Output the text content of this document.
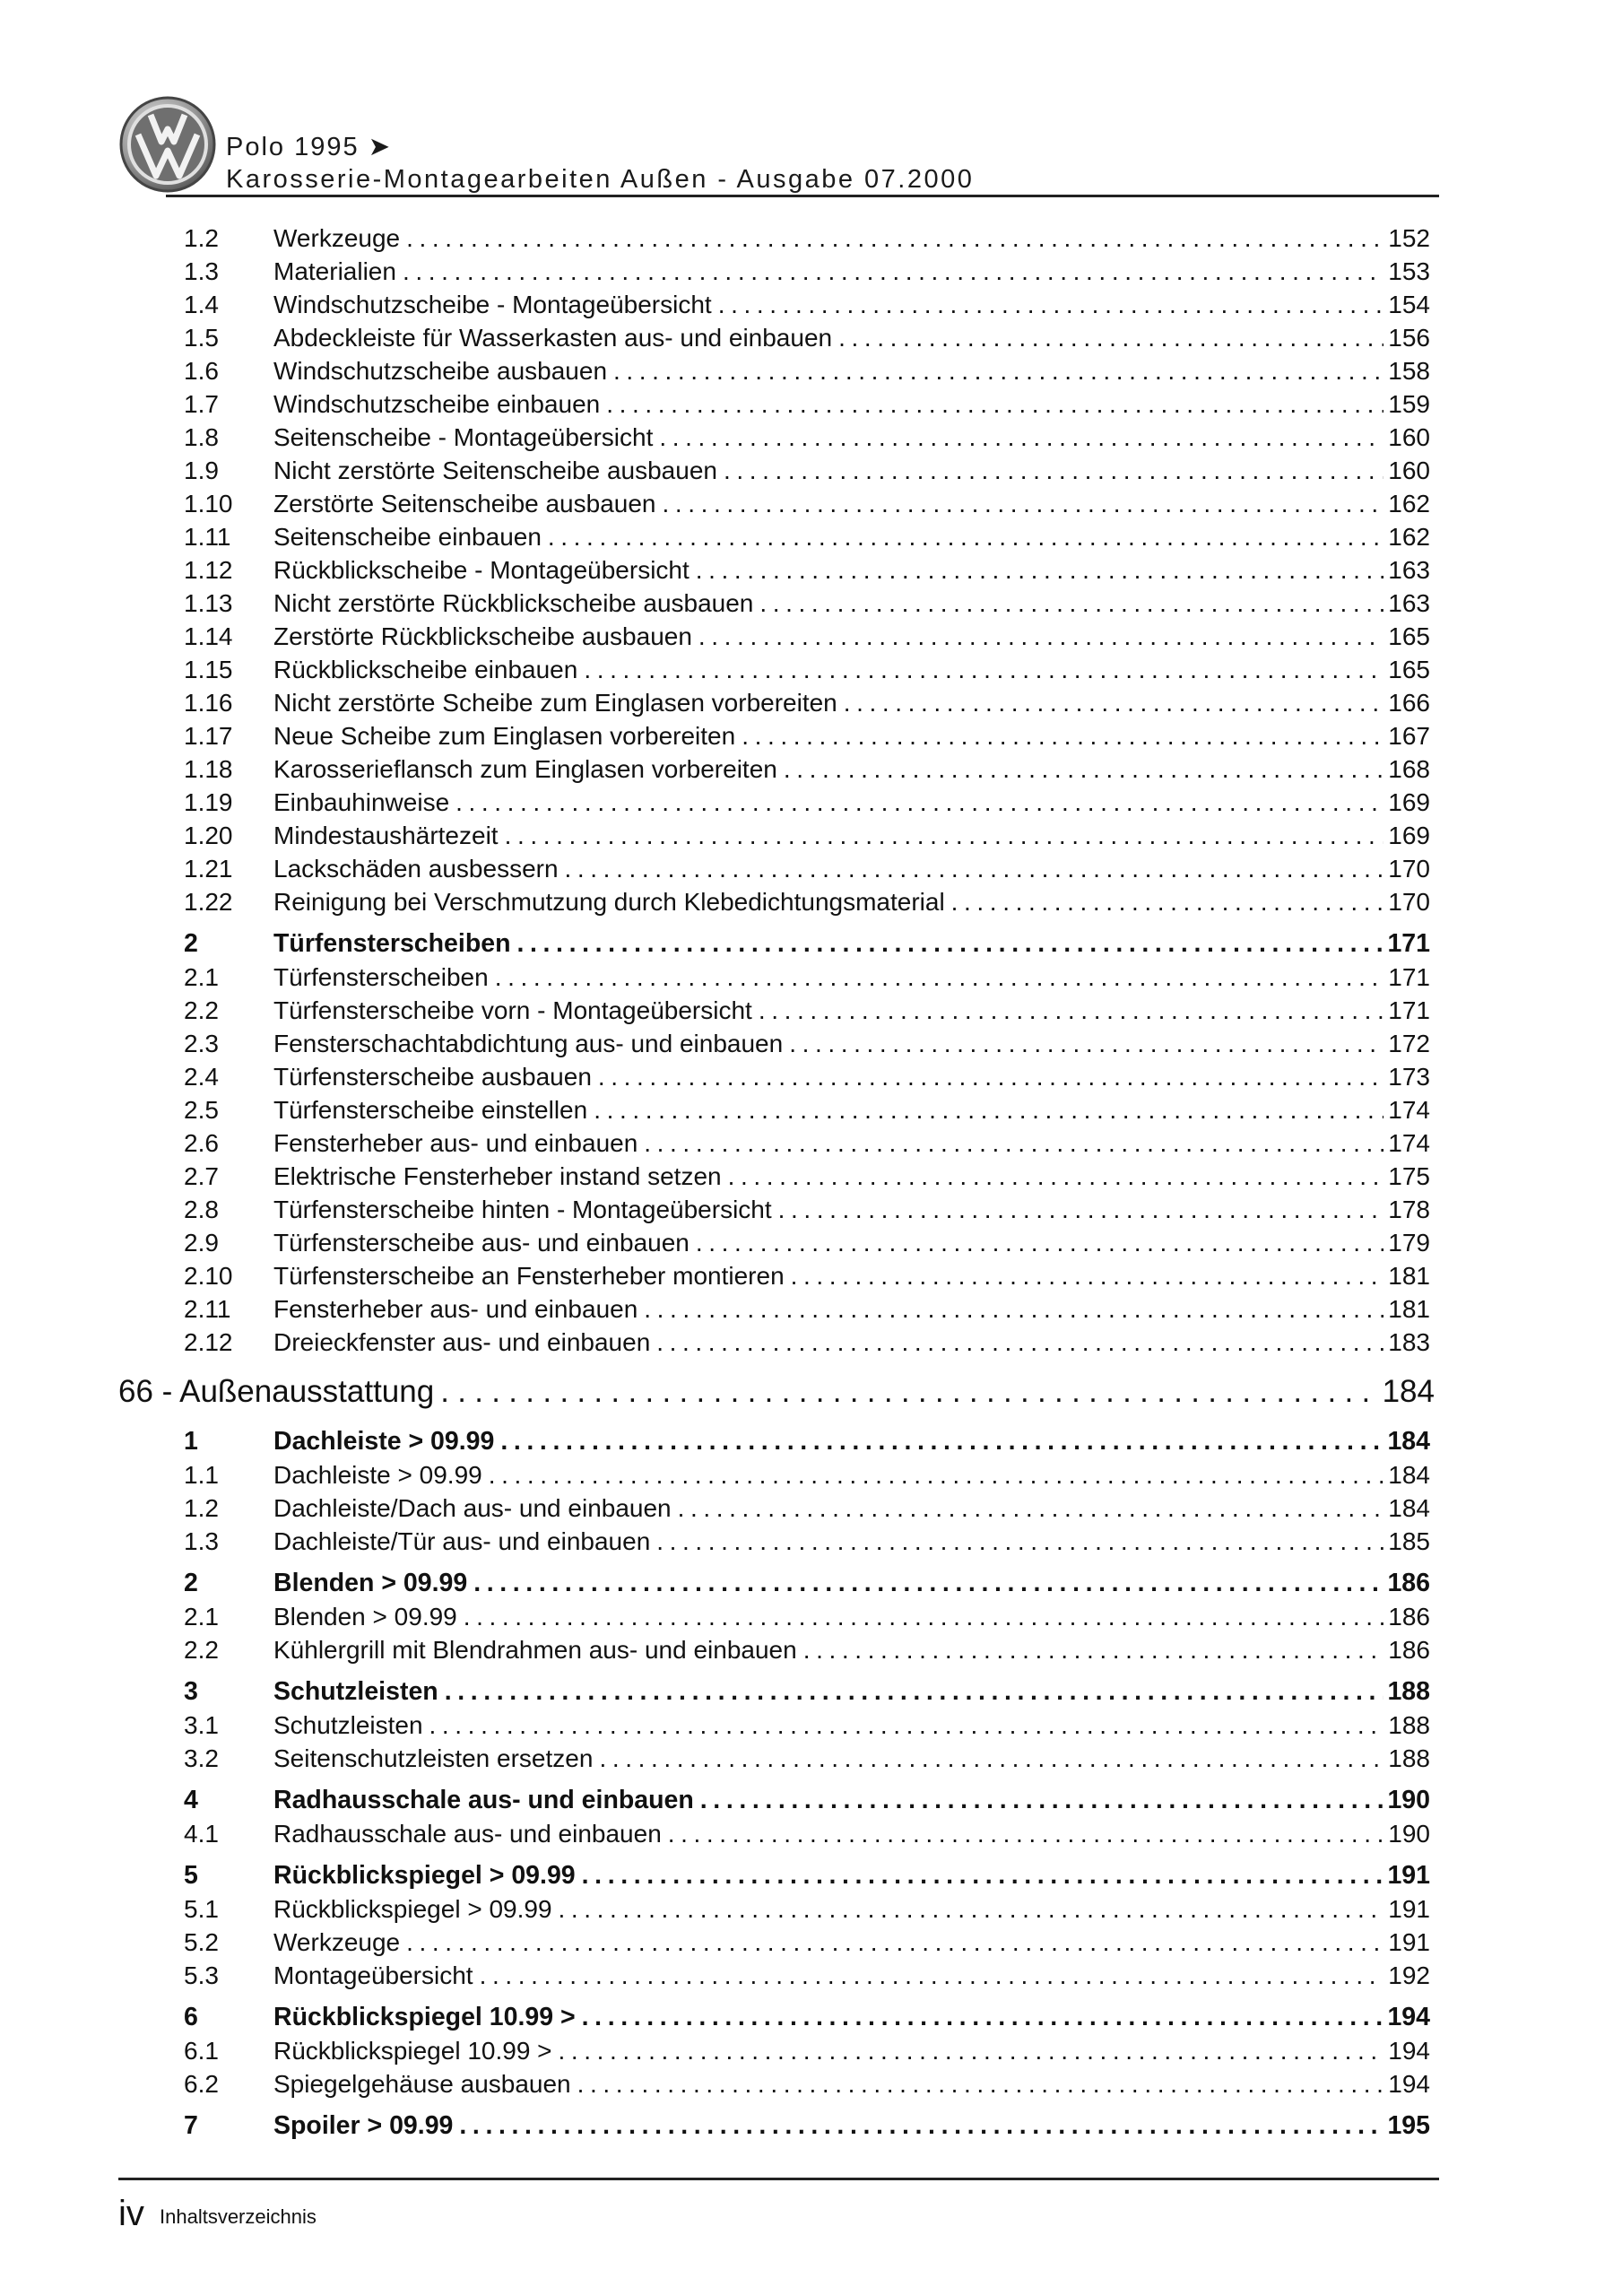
Polo 1995 ➤
Karosserie-Montagearbeiten Außen - Ausgabe 07.2000
1.2 Werkzeuge .....	152
1.3 Materialien .....	153
1.4 Windschutzscheibe - Montageübersicht .....	154
1.5 Abdeckleiste für Wasserkasten aus- und einbauen .....	156
1.6 Windschutzscheibe ausbauen .....	158
1.7 Windschutzscheibe einbauen .....	159
1.8 Seitenscheibe - Montageübersicht .....	160
1.9 Nicht zerstörte Seitenscheibe ausbauen .....	160
1.10 Zerstörte Seitenscheibe ausbauen .....	162
1.11 Seitenscheibe einbauen .....	162
1.12 Rückblickscheibe - Montageübersicht .....	163
1.13 Nicht zerstörte Rückblickscheibe ausbauen .....	163
1.14 Zerstörte Rückblickscheibe ausbauen .....	165
1.15 Rückblickscheibe einbauen .....	165
1.16 Nicht zerstörte Scheibe zum Einglasen vorbereiten .....	166
1.17 Neue Scheibe zum Einglasen vorbereiten .....	167
1.18 Karosserieflansch zum Einglasen vorbereiten .....	168
1.19 Einbauhinweise .....	169
1.20 Mindestaushärtezeit .....	169
1.21 Lackschäden ausbessern .....	170
1.22 Reinigung bei Verschmutzung durch Klebedichtungsmaterial .....	170
2	Türfensterscheiben .....	171
2.1 Türfensterscheiben .....	171
2.2 Türfensterscheibe vorn - Montageübersicht .....	171
2.3 Fensterschachtabdichtung aus- und einbauen .....	172
2.4 Türfensterscheibe ausbauen .....	173
2.5 Türfensterscheibe einstellen .....	174
2.6 Fensterheber aus- und einbauen .....	174
2.7 Elektrische Fensterheber instand setzen .....	175
2.8 Türfensterscheibe hinten - Montageübersicht .....	178
2.9 Türfensterscheibe aus- und einbauen .....	179
2.10 Türfensterscheibe an Fensterheber montieren .....	181
2.11 Fensterheber aus- und einbauen .....	181
2.12 Dreieckfenster aus- und einbauen .....	183
66 - Außenausstattung .....	184
1	Dachleiste > 09.99 .....	184
1.1 Dachleiste > 09.99 .....	184
1.2 Dachleiste/Dach aus- und einbauen .....	184
1.3 Dachleiste/Tür aus- und einbauen .....	185
2	Blenden > 09.99 .....	186
2.1 Blenden > 09.99 .....	186
2.2 Kühlergrill mit Blendrahmen aus- und einbauen .....	186
3	Schutzleisten .....	188
3.1 Schutzleisten .....	188
3.2 Seitenschutzleisten ersetzen .....	188
4	Radhausschale aus- und einbauen .....	190
4.1 Radhausschale aus- und einbauen .....	190
5	Rückblickspiegel > 09.99 .....	191
5.1 Rückblickspiegel > 09.99 .....	191
5.2 Werkzeuge .....	191
5.3 Montageübersicht .....	192
6	Rückblickspiegel 10.99 > .....	194
6.1 Rückblickspiegel 10.99 > .....	194
6.2 Spiegelgehäuse ausbauen .....	194
7	Spoiler > 09.99 .....	195
iv Inhaltsverzeichnis
